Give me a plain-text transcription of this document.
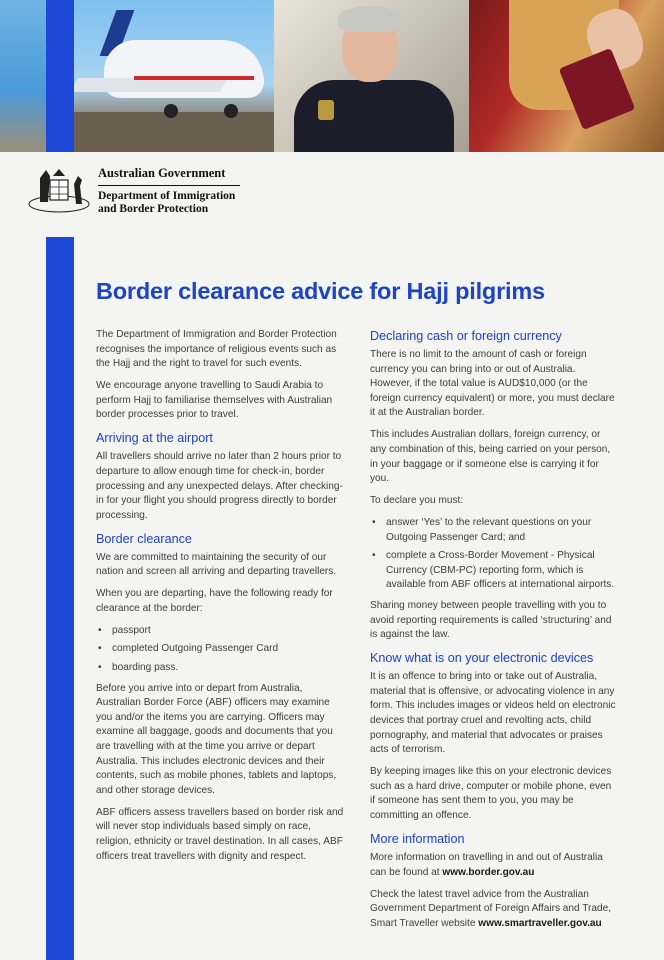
Australian Government
Department of Immigration
and Border Protection
Border clearance advice for Hajj pilgrims

The Department of Immigration and Border Protection recognises the importance of religious events such as the Hajj and the right to travel for such events.

We encourage anyone travelling to Saudi Arabia to perform Hajj to familiarise themselves with Australian border processes prior to travel.

Arriving at the airport

All travellers should arrive no later than 2 hours prior to departure to allow enough time for check-in, border processing and any unexpected delays. After checking-in for your flight you should progress directly to border processing.

Border clearance

We are committed to maintaining the security of our nation and screen all arriving and departing travellers.

When you are departing, have the following ready for clearance at the border:

• passport
• completed Outgoing Passenger Card
• boarding pass.

Before you arrive into or depart from Australia, Australian Border Force (ABF) officers may examine you and/or the items you are carrying. Officers may examine all baggage, goods and documents that you are travelling with at the time you arrive or depart Australia. This includes electronic devices and their contents, such as mobile phones, tablets and laptops, and other storage devices.

ABF officers assess travellers based on border risk and will never stop individuals based simply on race, religion, ethnicity or travel destination. In all cases, ABF officers treat travellers with dignity and respect.

Declaring cash or foreign currency

There is no limit to the amount of cash or foreign currency you can bring into or out of Australia. However, if the total value is AUD$10,000 (or the foreign currency equivalent) or more, you must declare it at the Australian border.

This includes Australian dollars, foreign currency, or any combination of this, being carried on your person, in your baggage or if someone else is carrying it for you.

To declare you must:

• answer ‘Yes’ to the relevant questions on your Outgoing Passenger Card; and
• complete a Cross-Border Movement - Physical Currency (CBM-PC) reporting form, which is available from ABF officers at international airports.

Sharing money between people travelling with you to avoid reporting requirements is called ‘structuring’ and is against the law.

Know what is on your electronic devices

It is an offence to bring into or take out of Australia, material that is offensive, or advocating violence in any form. This includes images or videos held on electronic devices that portray cruel and revolting acts, child pornography, and material that advocates or praises acts of terrorism.

By keeping images like this on your electronic devices such as a hard drive, computer or mobile phone, even if someone has sent them to you, you may be committing an offence.

More information

More information on travelling in and out of Australia can be found at www.border.gov.au

Check the latest travel advice from the Australian Government Department of Foreign Affairs and Trade, Smart Traveller website www.smartraveller.gov.au
